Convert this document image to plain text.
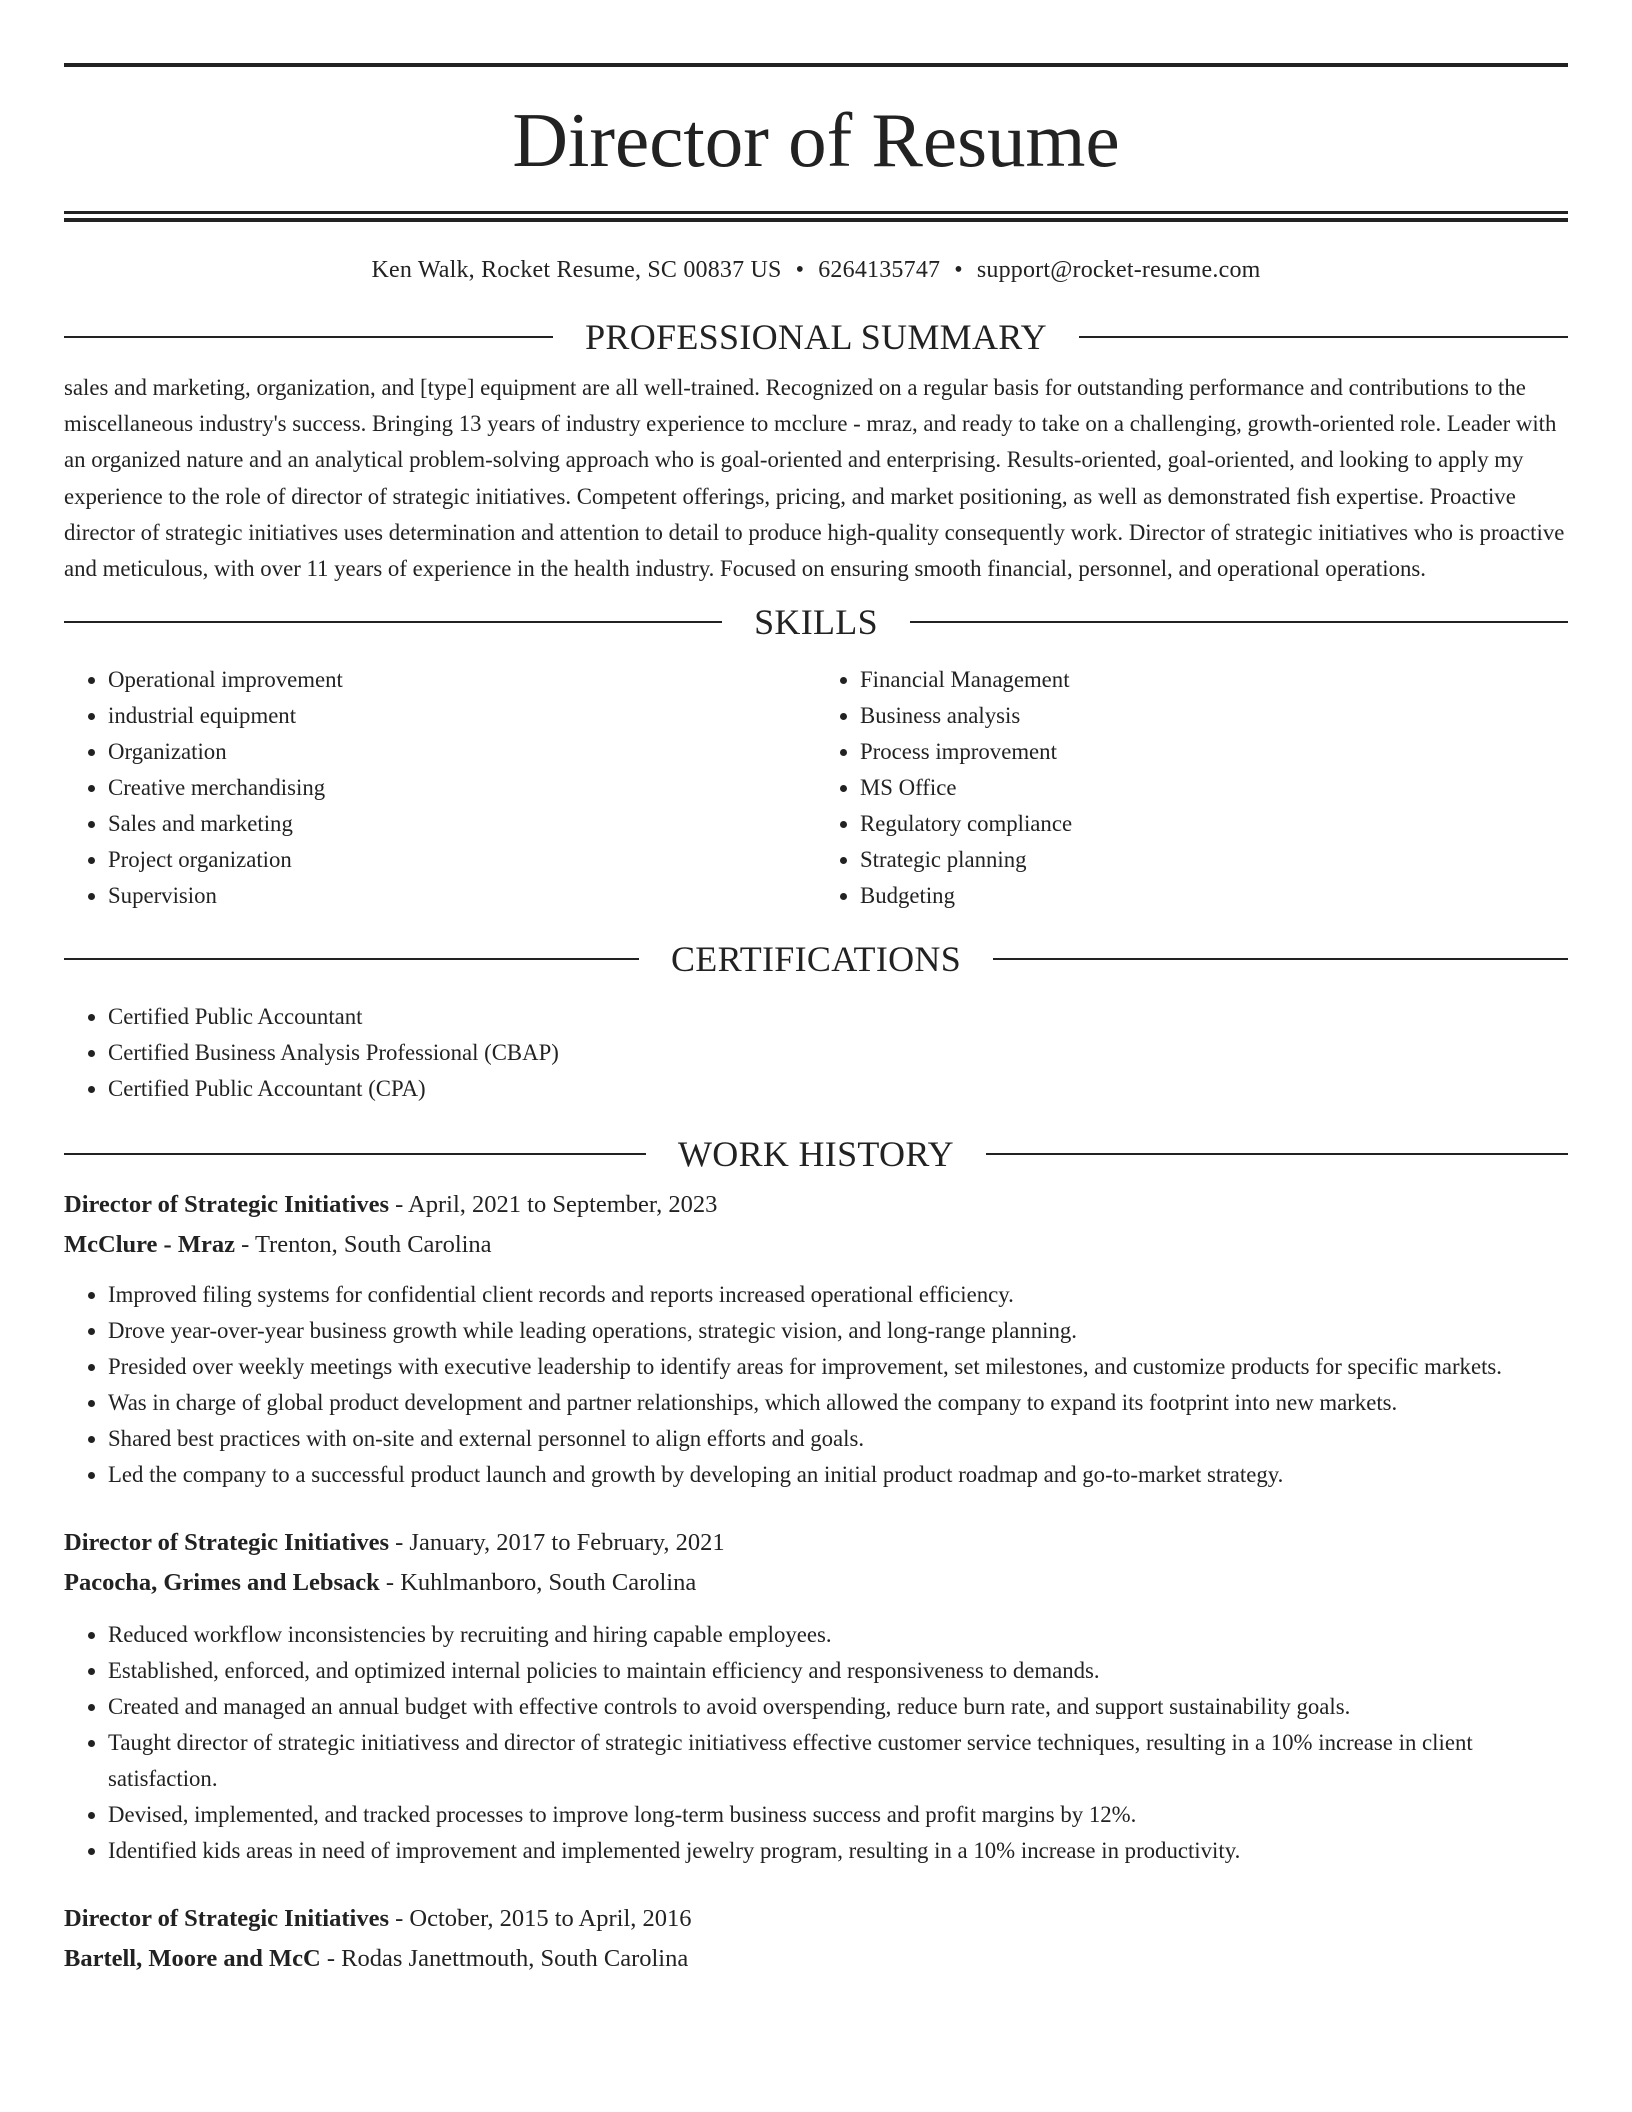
Director of Resume
Ken Walk, Rocket Resume, SC 00837 US • 6264135747 • support@rocket-resume.com
PROFESSIONAL SUMMARY

sales and marketing, organization, and [type] equipment are all well-trained. Recognized on a regular basis for outstanding performance and contributions to the miscellaneous industry's success. Bringing 13 years of industry experience to mcclure - mraz, and ready to take on a challenging, growth-oriented role. Leader with an organized nature and an analytical problem-solving approach who is goal-oriented and enterprising. Results-oriented, goal-oriented, and looking to apply my experience to the role of director of strategic initiatives. Competent offerings, pricing, and market positioning, as well as demonstrated fish expertise. Proactive director of strategic initiatives uses determination and attention to detail to produce high-quality consequently work. Director of strategic initiatives who is proactive and meticulous, with over 11 years of experience in the health industry. Focused on ensuring smooth financial, personnel, and operational operations.

SKILLS
• Operational improvement
• industrial equipment
• Organization
• Creative merchandising
• Sales and marketing
• Project organization
• Supervision
• Financial Management
• Business analysis
• Process improvement
• MS Office
• Regulatory compliance
• Strategic planning
• Budgeting
CERTIFICATIONS
• Certified Public Accountant
• Certified Business Analysis Professional (CBAP)
• Certified Public Accountant (CPA)
WORK HISTORY

Director of Strategic Initiatives - April, 2021 to September, 2023

McClure - Mraz - Trenton, South Carolina

• Improved filing systems for confidential client records and reports increased operational efficiency.
• Drove year-over-year business growth while leading operations, strategic vision, and long-range planning.
• Presided over weekly meetings with executive leadership to identify areas for improvement, set milestones, and customize products for specific markets.
• Was in charge of global product development and partner relationships, which allowed the company to expand its footprint into new markets.
• Shared best practices with on-site and external personnel to align efforts and goals.
• Led the company to a successful product launch and growth by developing an initial product roadmap and go-to-market strategy.

Director of Strategic Initiatives - January, 2017 to February, 2021

Pacocha, Grimes and Lebsack - Kuhlmanboro, South Carolina

• Reduced workflow inconsistencies by recruiting and hiring capable employees.
• Established, enforced, and optimized internal policies to maintain efficiency and responsiveness to demands.
• Created and managed an annual budget with effective controls to avoid overspending, reduce burn rate, and support sustainability goals.
• Taught director of strategic initiativess and director of strategic initiativess effective customer service techniques, resulting in a 10% increase in client satisfaction.
• Devised, implemented, and tracked processes to improve long-term business success and profit margins by 12%.
• Identified kids areas in need of improvement and implemented jewelry program, resulting in a 10% increase in productivity.

Director of Strategic Initiatives - October, 2015 to April, 2016

Bartell, Moore and McC - Rodas Janettmouth, South Carolina
